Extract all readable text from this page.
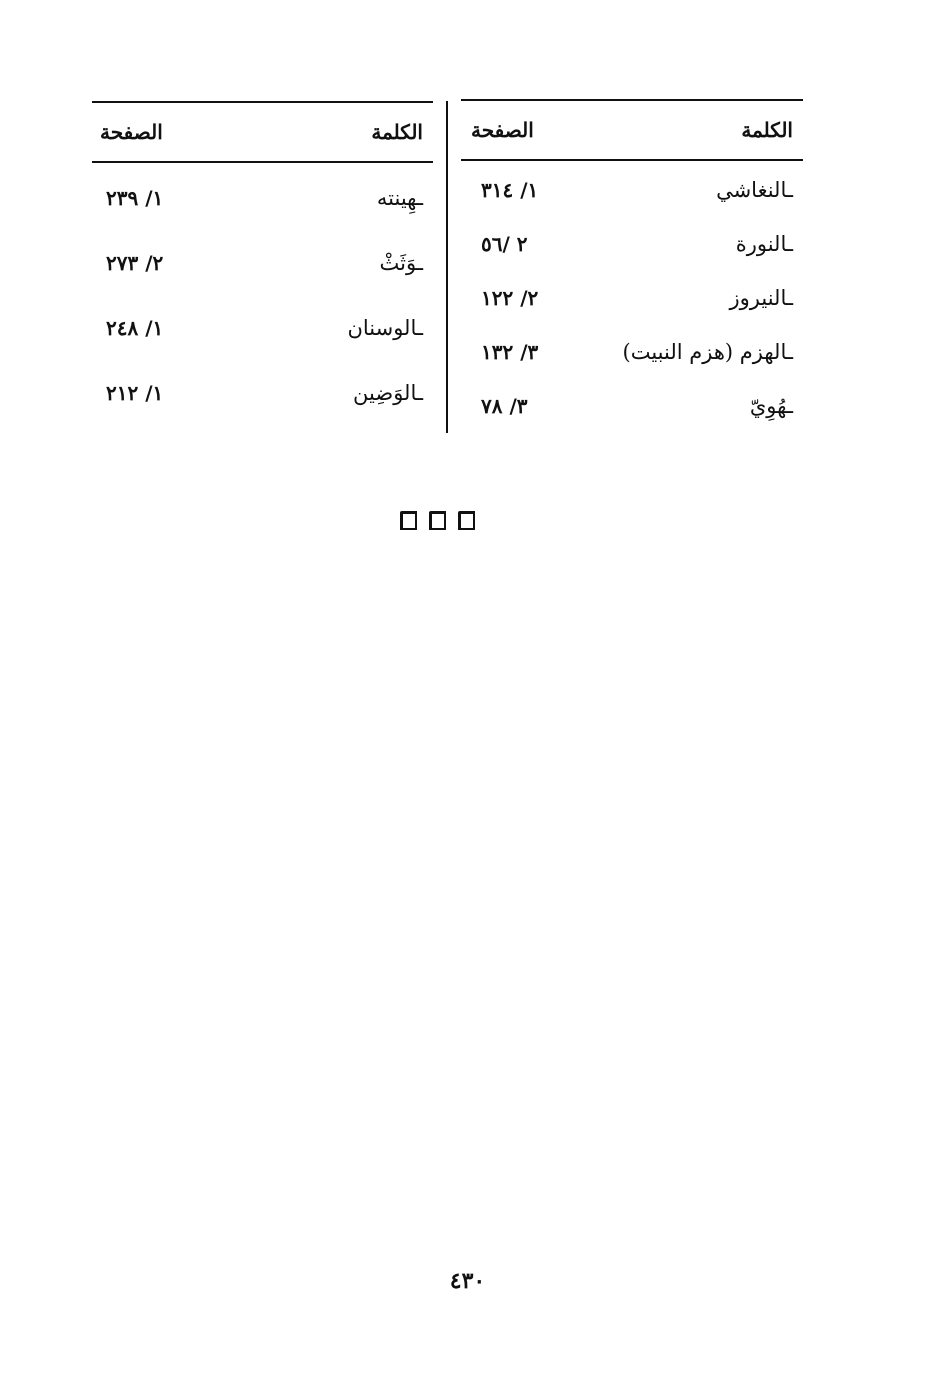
الكلمة
الصفحة
ـالنغاشي
١/ ٣١٤
ـالنورة
٢ /٥٦
ـالنيروز
٢/ ١٢٢
ـالهزم (هزم النبيت)
٣/ ١٣٢
ـهُوِيّ
٣/ ٧٨
الكلمة
الصفحة
ـهِينته
١/ ٢٣٩
ـوَثَثْ
٢/ ٢٧٣
ـالوسنان
١/ ٢٤٨
ـالوَضِين
١/ ٢١٢
٤٣٠
